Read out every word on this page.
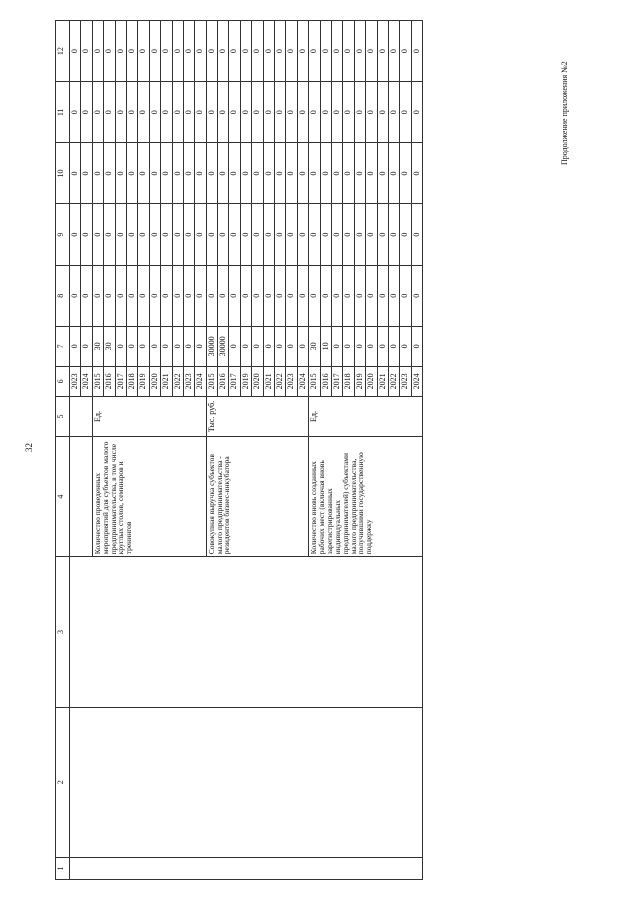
32
Продолжение приложения №2
1	2	3	4	5	6	7	8	9	10	11	12
					2023	0	0	0	0	0	0
					2024	0	0	0	0	0	0
			Количество проведенных мероприятий для субъектов малого предпринимательства, в том числе круглых столов, семинаров и тренингов	Ед.	2015	30	0	0	0	0	0
					2016	30	0	0	0	0	0
					2017	0	0	0	0	0	0
					2018	0	0	0	0	0	0
					2019	0	0	0	0	0	0
					2020	0	0	0	0	0	0
					2021	0	0	0	0	0	0
					2022	0	0	0	0	0	0
					2023	0	0	0	0	0	0
					2024	0	0	0	0	0	0
			Совокупная выручка субъектов малого предпринимательства - резидентов бизнес-инкубатора	Тыс. руб.	2015	30000	0	0	0	0	0
					2016	30000	0	0	0	0	0
					2017	0	0	0	0	0	0
					2019	0	0	0	0	0	0
					2020	0	0	0	0	0	0
					2021	0	0	0	0	0	0
					2022	0	0	0	0	0	0
					2023	0	0	0	0	0	0
					2024	0	0	0	0	0	0
			Количество вновь созданных рабочих мест (включая вновь зарегистрированных индивидуальных предпринимателей) субъектами малого предпринимательства, получившими государственную поддержку	Ед.	2015	30	0	0	0	0	0
					2016	10	0	0	0	0	0
					2017	0	0	0	0	0	0
					2018	0	0	0	0	0	0
					2019	0	0	0	0	0	0
					2020	0	0	0	0	0	0
					2021	0	0	0	0	0	0
					2022	0	0	0	0	0	0
					2023	0	0	0	0	0	0
					2024	0	0	0	0	0	0
